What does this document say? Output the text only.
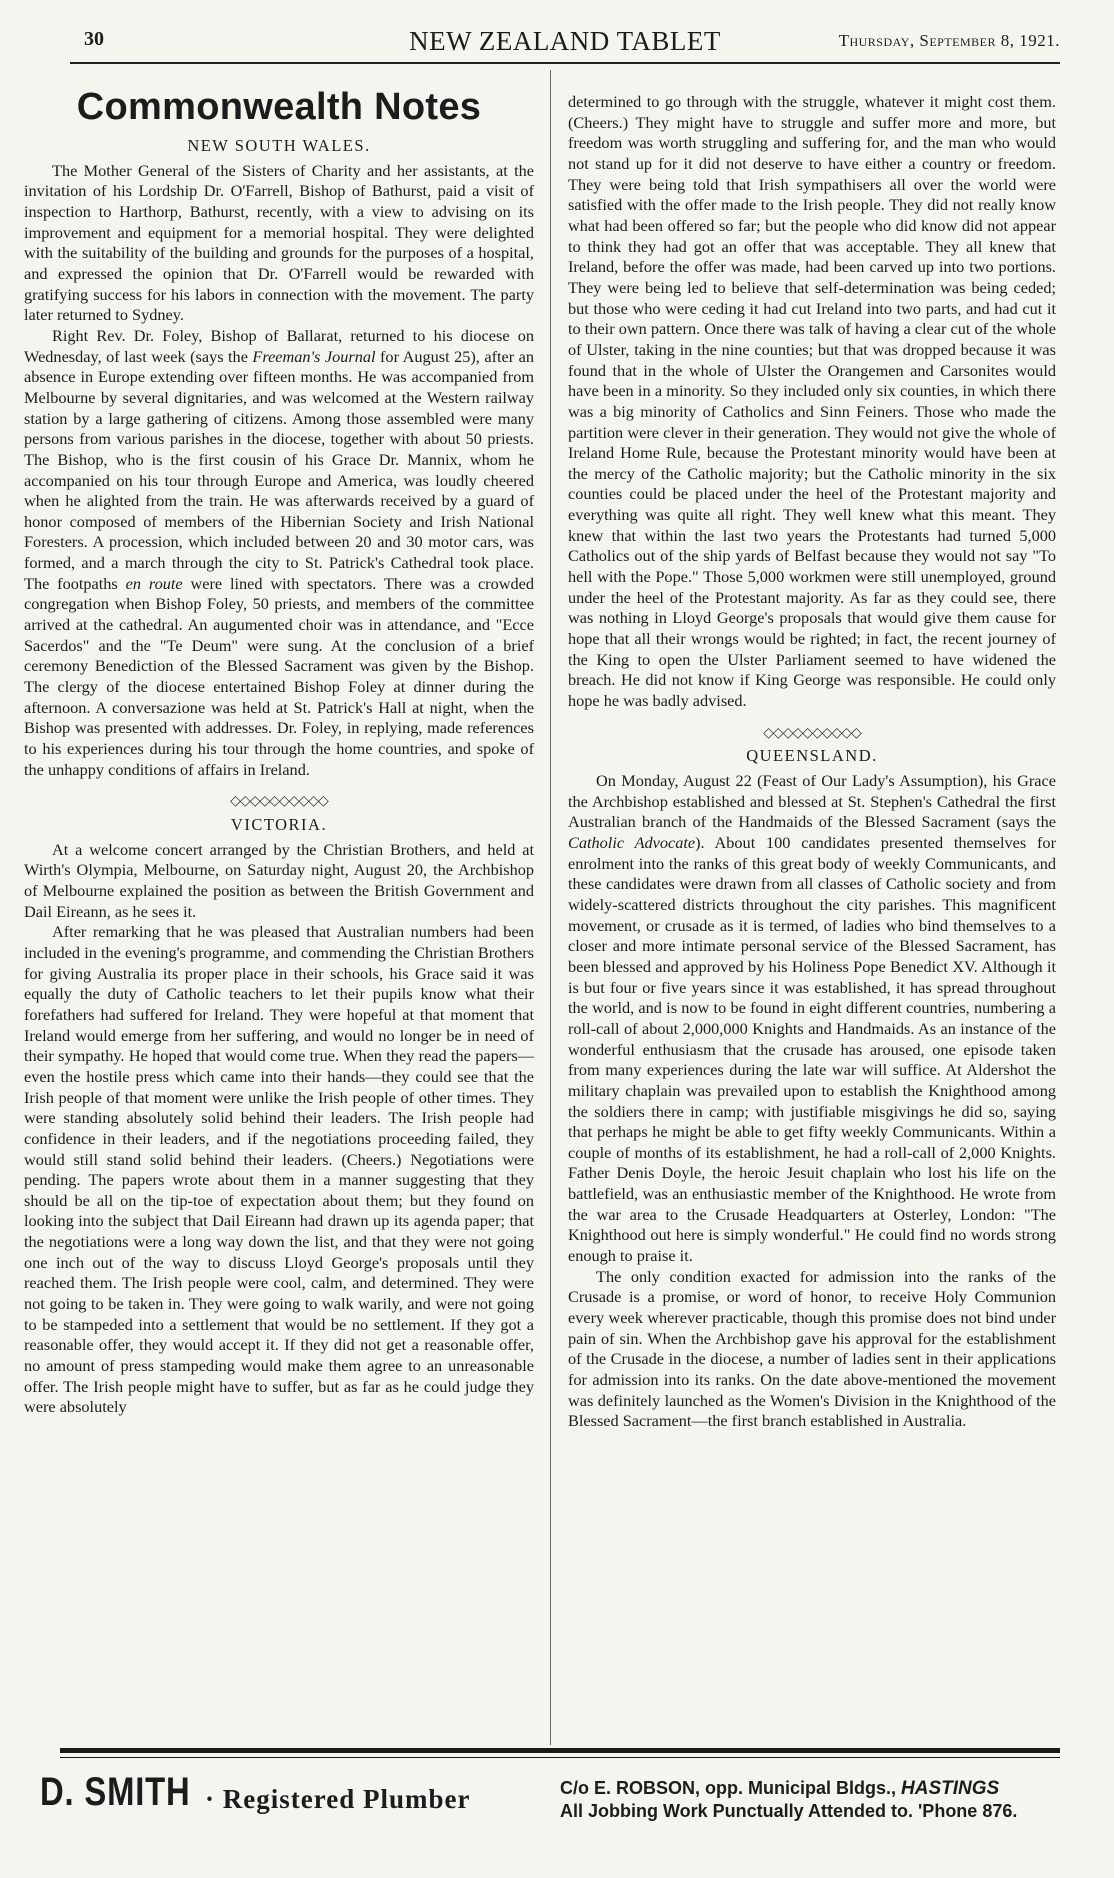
30	NEW ZEALAND TABLET	Thursday, September 8, 1921.
Commonwealth Notes
NEW SOUTH WALES.

The Mother General of the Sisters of Charity and her assistants, at the invitation of his Lordship Dr. O'Farrell, Bishop of Bathurst, paid a visit of inspection to Harthorp, Bathurst, recently, with a view to advising on its improvement and equipment for a memorial hospital. They were delighted with the suitability of the building and grounds for the purposes of a hospital, and expressed the opinion that Dr. O'Farrell would be rewarded with gratifying success for his labors in connection with the movement. The party later returned to Sydney.

Right Rev. Dr. Foley, Bishop of Ballarat, returned to his diocese on Wednesday, of last week (says the Freeman's Journal for August 25), after an absence in Europe extending over fifteen months. He was accompanied from Melbourne by several dignitaries, and was welcomed at the Western railway station by a large gathering of citizens. Among those assembled were many persons from various parishes in the diocese, together with about 50 priests. The Bishop, who is the first cousin of his Grace Dr. Mannix, whom he accompanied on his tour through Europe and America, was loudly cheered when he alighted from the train. He was afterwards received by a guard of honor composed of members of the Hibernian Society and Irish National Foresters. A procession, which included between 20 and 30 motor cars, was formed, and a march through the city to St. Patrick's Cathedral took place. The footpaths en route were lined with spectators. There was a crowded congregation when Bishop Foley, 50 priests, and members of the committee arrived at the cathedral. An augumented choir was in attendance, and "Ecce Sacerdos" and the "Te Deum" were sung. At the conclusion of a brief ceremony Benediction of the Blessed Sacrament was given by the Bishop. The clergy of the diocese entertained Bishop Foley at dinner during the afternoon. A conversazione was held at St. Patrick's Hall at night, when the Bishop was presented with addresses. Dr. Foley, in replying, made references to his experiences during his tour through the home countries, and spoke of the unhappy conditions of affairs in Ireland.

◇◇◇◇◇◇◇◇◇◇
VICTORIA.

At a welcome concert arranged by the Christian Brothers, and held at Wirth's Olympia, Melbourne, on Saturday night, August 20, the Archbishop of Melbourne explained the position as between the British Government and Dail Eireann, as he sees it.

After remarking that he was pleased that Australian numbers had been included in the evening's programme, and commending the Christian Brothers for giving Australia its proper place in their schools, his Grace said it was equally the duty of Catholic teachers to let their pupils know what their forefathers had suffered for Ireland. They were hopeful at that moment that Ireland would emerge from her suffering, and would no longer be in need of their sympathy. He hoped that would come true. When they read the papers—even the hostile press which came into their hands—they could see that the Irish people of that moment were unlike the Irish people of other times. They were standing absolutely solid behind their leaders. The Irish people had confidence in their leaders, and if the negotiations proceeding failed, they would still stand solid behind their leaders. (Cheers.) Negotiations were pending. The papers wrote about them in a manner suggesting that they should be all on the tip-toe of expectation about them; but they found on looking into the subject that Dail Eireann had drawn up its agenda paper; that the negotiations were a long way down the list, and that they were not going one inch out of the way to discuss Lloyd George's proposals until they reached them. The Irish people were cool, calm, and determined. They were not going to be taken in. They were going to walk warily, and were not going to be stampeded into a settlement that would be no settlement. If they got a reasonable offer, they would accept it. If they did not get a reasonable offer, no amount of press stampeding would make them agree to an unreasonable offer. The Irish people might have to suffer, but as far as he could judge they were absolutely

determined to go through with the struggle, whatever it might cost them. (Cheers.) They might have to struggle and suffer more and more, but freedom was worth struggling and suffering for, and the man who would not stand up for it did not deserve to have either a country or freedom. They were being told that Irish sympathisers all over the world were satisfied with the offer made to the Irish people. They did not really know what had been offered so far; but the people who did know did not appear to think they had got an offer that was acceptable. They all knew that Ireland, before the offer was made, had been carved up into two portions. They were being led to believe that self-determination was being ceded; but those who were ceding it had cut Ireland into two parts, and had cut it to their own pattern. Once there was talk of having a clear cut of the whole of Ulster, taking in the nine counties; but that was dropped because it was found that in the whole of Ulster the Orangemen and Carsonites would have been in a minority. So they included only six counties, in which there was a big minority of Catholics and Sinn Feiners. Those who made the partition were clever in their generation. They would not give the whole of Ireland Home Rule, because the Protestant minority would have been at the mercy of the Catholic majority; but the Catholic minority in the six counties could be placed under the heel of the Protestant majority and everything was quite all right. They well knew what this meant. They knew that within the last two years the Protestants had turned 5,000 Catholics out of the ship yards of Belfast because they would not say "To hell with the Pope." Those 5,000 workmen were still unemployed, ground under the heel of the Protestant majority. As far as they could see, there was nothing in Lloyd George's proposals that would give them cause for hope that all their wrongs would be righted; in fact, the recent journey of the King to open the Ulster Parliament seemed to have widened the breach. He did not know if King George was responsible. He could only hope he was badly advised.

◇◇◇◇◇◇◇◇◇◇
QUEENSLAND.

On Monday, August 22 (Feast of Our Lady's Assumption), his Grace the Archbishop established and blessed at St. Stephen's Cathedral the first Australian branch of the Handmaids of the Blessed Sacrament (says the Catholic Advocate). About 100 candidates presented themselves for enrolment into the ranks of this great body of weekly Communicants, and these candidates were drawn from all classes of Catholic society and from widely-scattered districts throughout the city parishes. This magnificent movement, or crusade as it is termed, of ladies who bind themselves to a closer and more intimate personal service of the Blessed Sacrament, has been blessed and approved by his Holiness Pope Benedict XV. Although it is but four or five years since it was established, it has spread throughout the world, and is now to be found in eight different countries, numbering a roll-call of about 2,000,000 Knights and Handmaids. As an instance of the wonderful enthusiasm that the crusade has aroused, one episode taken from many experiences during the late war will suffice. At Aldershot the military chaplain was prevailed upon to establish the Knighthood among the soldiers there in camp; with justifiable misgivings he did so, saying that perhaps he might be able to get fifty weekly Communicants. Within a couple of months of its establishment, he had a roll-call of 2,000 Knights. Father Denis Doyle, the heroic Jesuit chaplain who lost his life on the battlefield, was an enthusiastic member of the Knighthood. He wrote from the war area to the Crusade Headquarters at Osterley, London: "The Knighthood out here is simply wonderful." He could find no words strong enough to praise it.

The only condition exacted for admission into the ranks of the Crusade is a promise, or word of honor, to receive Holy Communion every week wherever practicable, though this promise does not bind under pain of sin. When the Archbishop gave his approval for the establishment of the Crusade in the diocese, a number of ladies sent in their applications for admission into its ranks. On the date above-mentioned the movement was definitely launched as the Women's Division in the Knighthood of the Blessed Sacrament—the first branch established in Australia.

D. SMITH · Registered Plumber	C/o E. ROBSON, opp. Municipal Bldgs., HASTINGS
All Jobbing Work Punctually Attended to. 'Phone 876.
